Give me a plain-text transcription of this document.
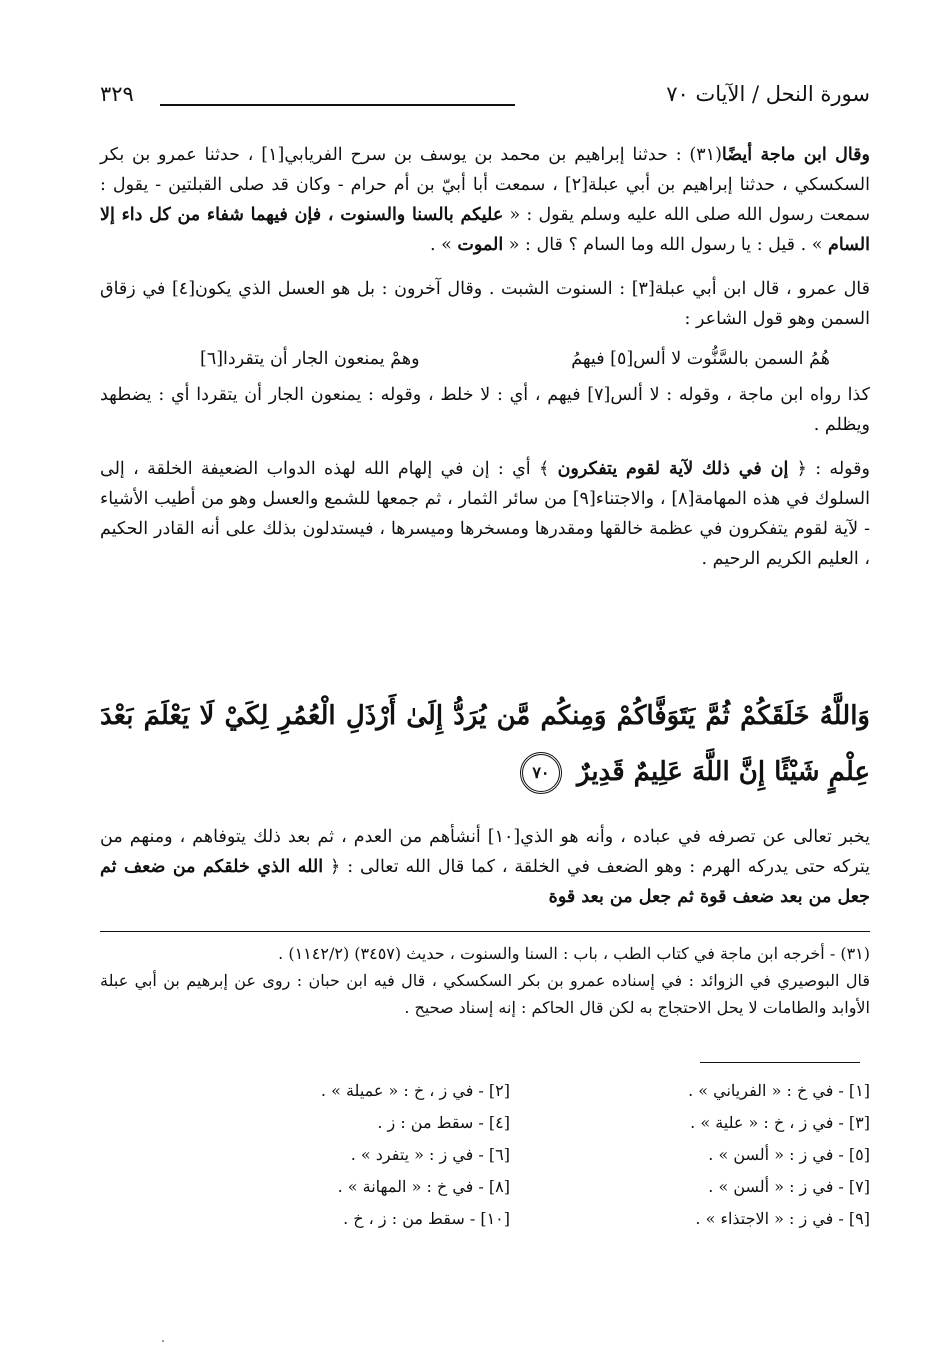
سورة النحل / الآيات ٧٠
٣٢٩

وقال ابن ماجة أيضًا(٣١) : حدثنا إبراهيم بن محمد بن يوسف بن سرح الفريابي[١] ، حدثنا عمرو بن بكر السكسكي ، حدثنا إبراهيم بن أبي عبلة[٢] ، سمعت أبا أبيّ بن أم حرام - وكان قد صلى القبلتين - يقول : سمعت رسول الله صلى الله عليه وسلم يقول : « عليكم بالسنا والسنوت ، فإن فيهما شفاء من كل داء إلا السام » . قيل : يا رسول الله وما السام ؟ قال : « الموت » .

قال عمرو ، قال ابن أبي عبلة[٣] : السنوت الشبت . وقال آخرون : بل هو العسل الذي يكون[٤] في زقاق السمن وهو قول الشاعر :

هُمُ السمن بالسَّنُّوت لا ألس[٥] فيهمُ
وهمْ يمنعون الجار أن يتقردا[٦]

كذا رواه ابن ماجة ، وقوله : لا ألس[٧] فيهم ، أي : لا خلط ، وقوله : يمنعون الجار أن يتقردا أي : يضطهد ويظلم .

وقوله : ﴿ إن في ذلك لآية لقوم يتفكرون ﴾ أي : إن في إلهام الله لهذه الدواب الضعيفة الخلقة ، إلى السلوك في هذه المهامة[٨] ، والاجتناء[٩] من سائر الثمار ، ثم جمعها للشمع والعسل وهو من أطيب الأشياء - لآية لقوم يتفكرون في عظمة خالقها ومقدرها ومسخرها وميسرها ، فيستدلون بذلك على أنه القادر الحكيم ، العليم الكريم الرحيم .

وَاللَّهُ خَلَقَكُمْ ثُمَّ يَتَوَفَّاكُمْ وَمِنكُم مَّن يُرَدُّ إِلَىٰ أَرْذَلِ الْعُمُرِ لِكَيْ لَا يَعْلَمَ بَعْدَ عِلْمٍ شَيْئًا إِنَّ اللَّهَ عَلِيمٌ قَدِيرٌ ٧٠

يخبر تعالى عن تصرفه في عباده ، وأنه هو الذي[١٠] أنشأهم من العدم ، ثم بعد ذلك يتوفاهم ، ومنهم من يتركه حتى يدركه الهرم : وهو الضعف في الخلقة ، كما قال الله تعالى : ﴿ الله الذي خلقكم من ضعف ثم جعل من بعد ضعف قوة ثم جعل من بعد قوة

(٣١) - أخرجه ابن ماجة في كتاب الطب ، باب : السنا والسنوت ، حديث (٣٤٥٧) (١١٤٢/٢) .

قال البوصيري في الزوائد : في إسناده عمرو بن بكر السكسكي ، قال فيه ابن حبان : روى عن إبرهيم بن أبي عبلة الأوابد والطامات لا يحل الاحتجاج به لكن قال الحاكم : إنه إسناد صحيح .

[١] - في خ : « الفرياني » .
[٢] - في ز ، خ : « عميلة » .
[٣] - في ز ، خ : « علية » .
[٤] - سقط من : ز .
[٥] - في ز : « ألسن » .
[٦] - في ز : « يتفرد » .
[٧] - في ز : « ألسن » .
[٨] - في خ : « المهانة » .
[٩] - في ز : « الاجتذاء » .
[١٠] - سقط من : ز ، خ .
